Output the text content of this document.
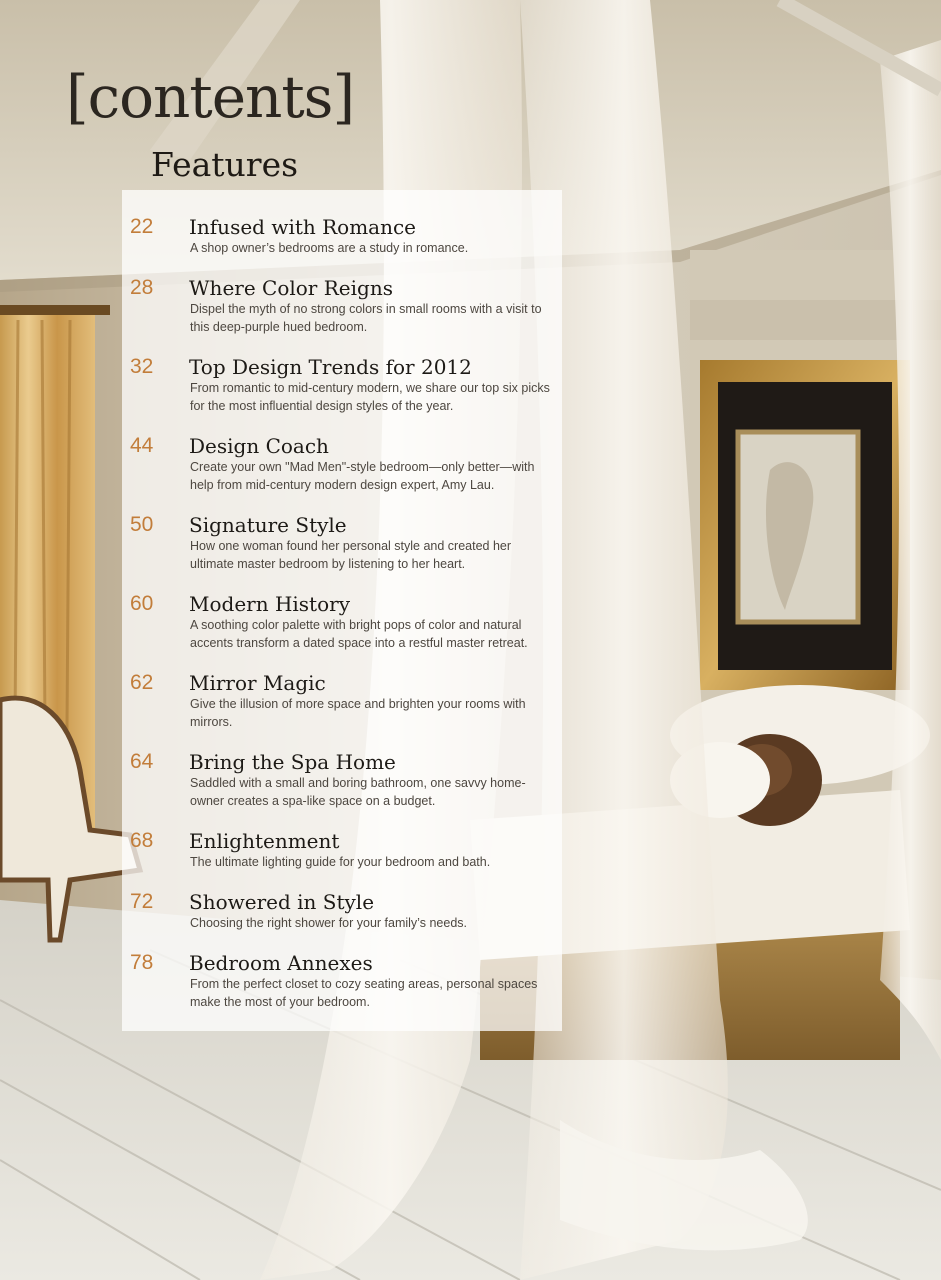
[contents]
Features
22 Infused with Romance

A shop owner’s bedrooms are a study in romance.

28 Where Color Reigns

Dispel the myth of no strong colors in small rooms with a visit to this deep-purple hued bedroom.

32 Top Design Trends for 2012

From romantic to mid-century modern, we share our top six picks for the most influential design styles of the year.

44 Design Coach

Create your own "Mad Men"-style bedroom—only better—with help from mid-century modern design expert, Amy Lau.

50 Signature Style

How one woman found her personal style and created her ultimate master bedroom by listening to her heart.

60 Modern History

A soothing color palette with bright pops of color and natural accents transform a dated space into a restful master retreat.

62 Mirror Magic

Give the illusion of more space and brighten your rooms with mirrors.

64 Bring the Spa Home

Saddled with a small and boring bathroom, one savvy home-owner creates a spa-like space on a budget.

68 Enlightenment

The ultimate lighting guide for your bedroom and bath.

72 Showered in Style

Choosing the right shower for your family’s needs.

78 Bedroom Annexes

From the perfect closet to cozy seating areas, personal spaces make the most of your bedroom.
